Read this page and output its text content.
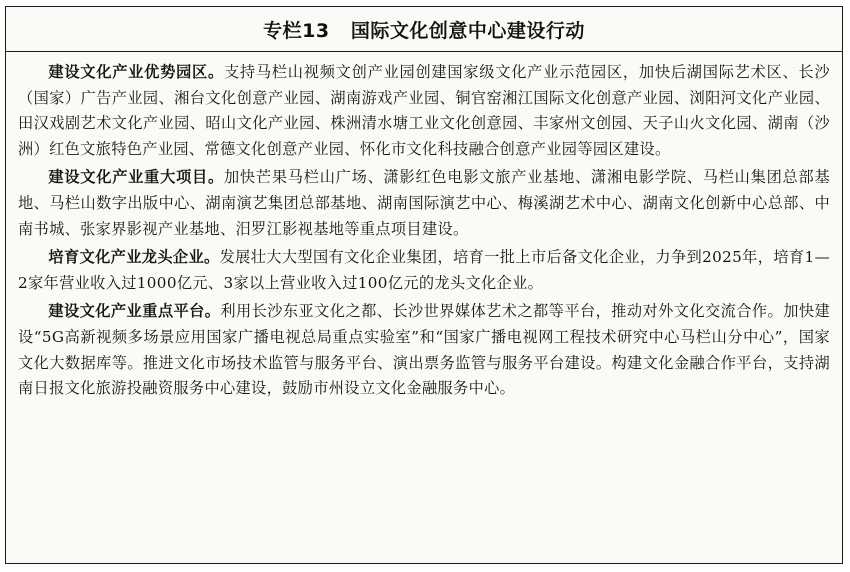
专栏13   国际文化创意中心建设行动

建设文化产业优势园区。支持马栏山视频文创产业园创建国家级文化产业示范园区，加快后湖国际艺术区、长沙（国家）广告产业园、湘台文化创意产业园、湖南游戏产业园、铜官窑湘江国际文化创意产业园、浏阳河文化产业园、田汉戏剧艺术文化产业园、昭山文化产业园、株洲清水塘工业文化创意园、丰家州文创园、天子山火文化园、湖南（沙洲）红色文旅特色产业园、常德文化创意产业园、怀化市文化科技融合创意产业园等园区建设。

建设文化产业重大项目。加快芒果马栏山广场、潇影红色电影文旅产业基地、潇湘电影学院、马栏山集团总部基地、马栏山数字出版中心、湖南演艺集团总部基地、湖南国际演艺中心、梅溪湖艺术中心、湖南文化创新中心总部、中南书城、张家界影视产业基地、汨罗江影视基地等重点项目建设。

培育文化产业龙头企业。发展壮大大型国有文化企业集团，培育一批上市后备文化企业，力争到2025年，培育1—2家年营业收入过1000亿元、3家以上营业收入过100亿元的龙头文化企业。

建设文化产业重点平台。利用长沙东亚文化之都、长沙世界媒体艺术之都等平台，推动对外文化交流合作。加快建设“5G高新视频多场景应用国家广播电视总局重点实验室”和“国家广播电视网工程技术研究中心马栏山分中心”，国家文化大数据库等。推进文化市场技术监管与服务平台、演出票务监管与服务平台建设。构建文化金融合作平台，支持湖南日报文化旅游投融资服务中心建设，鼓励市州设立文化金融服务中心。
